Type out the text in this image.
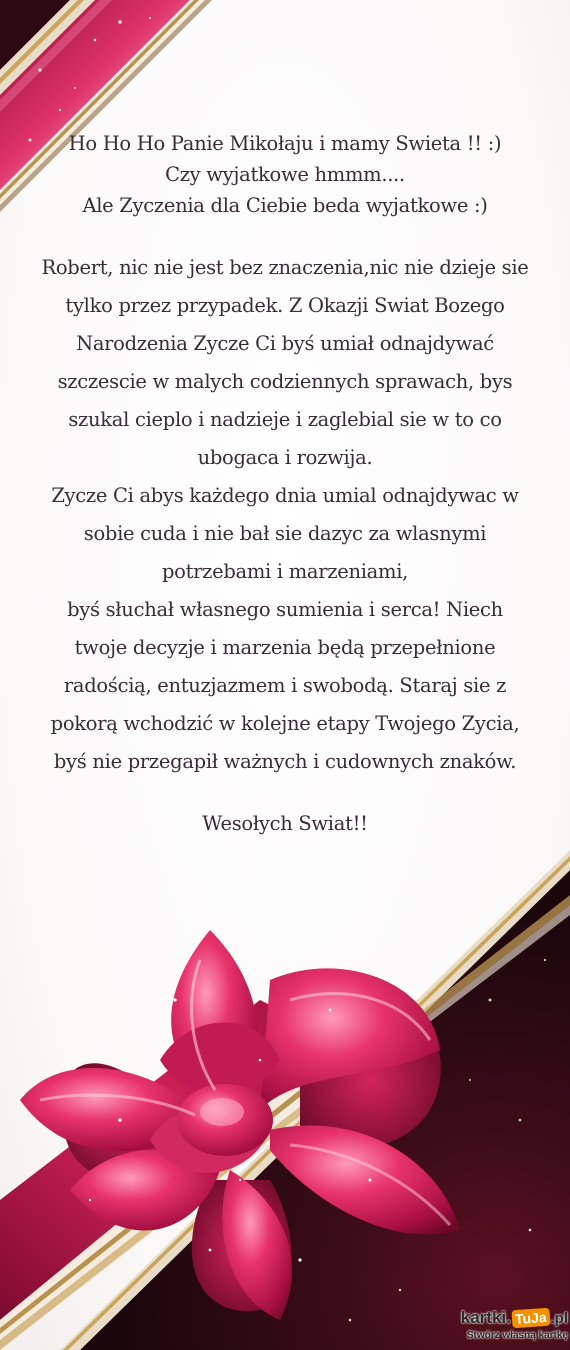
Ho Ho Ho Panie Mikołaju i mamy Swieta !! :)
Czy wyjatkowe hmmm....
Ale Zyczenia dla Ciebie beda wyjatkowe :)
Robert, nic nie jest bez znaczenia,nic nie dzieje sie
tylko przez przypadek. Z Okazji Swiat Bozego
Narodzenia Zycze Ci byś umiał odnajdywać
szczescie w malych codziennych sprawach, bys
szukal cieplo i nadzieje i zaglebial sie w to co
ubogaca i rozwija.
Zycze Ci abys każdego dnia umial odnajdywac w
sobie cuda i nie bał sie dazyc za wlasnymi
potrzebami i marzeniami,
byś słuchał własnego sumienia i serca! Niech
twoje decyzje i marzenia będą przepełnione
radością, entuzjazmem i swobodą. Staraj sie z
pokorą wchodzić w kolejne etapy Twojego Zycia,
byś nie przegapił ważnych i cudownych znaków.
Wesołych Swiat!!
kartki. TuJa .pl
Stwórz własną kartkę
